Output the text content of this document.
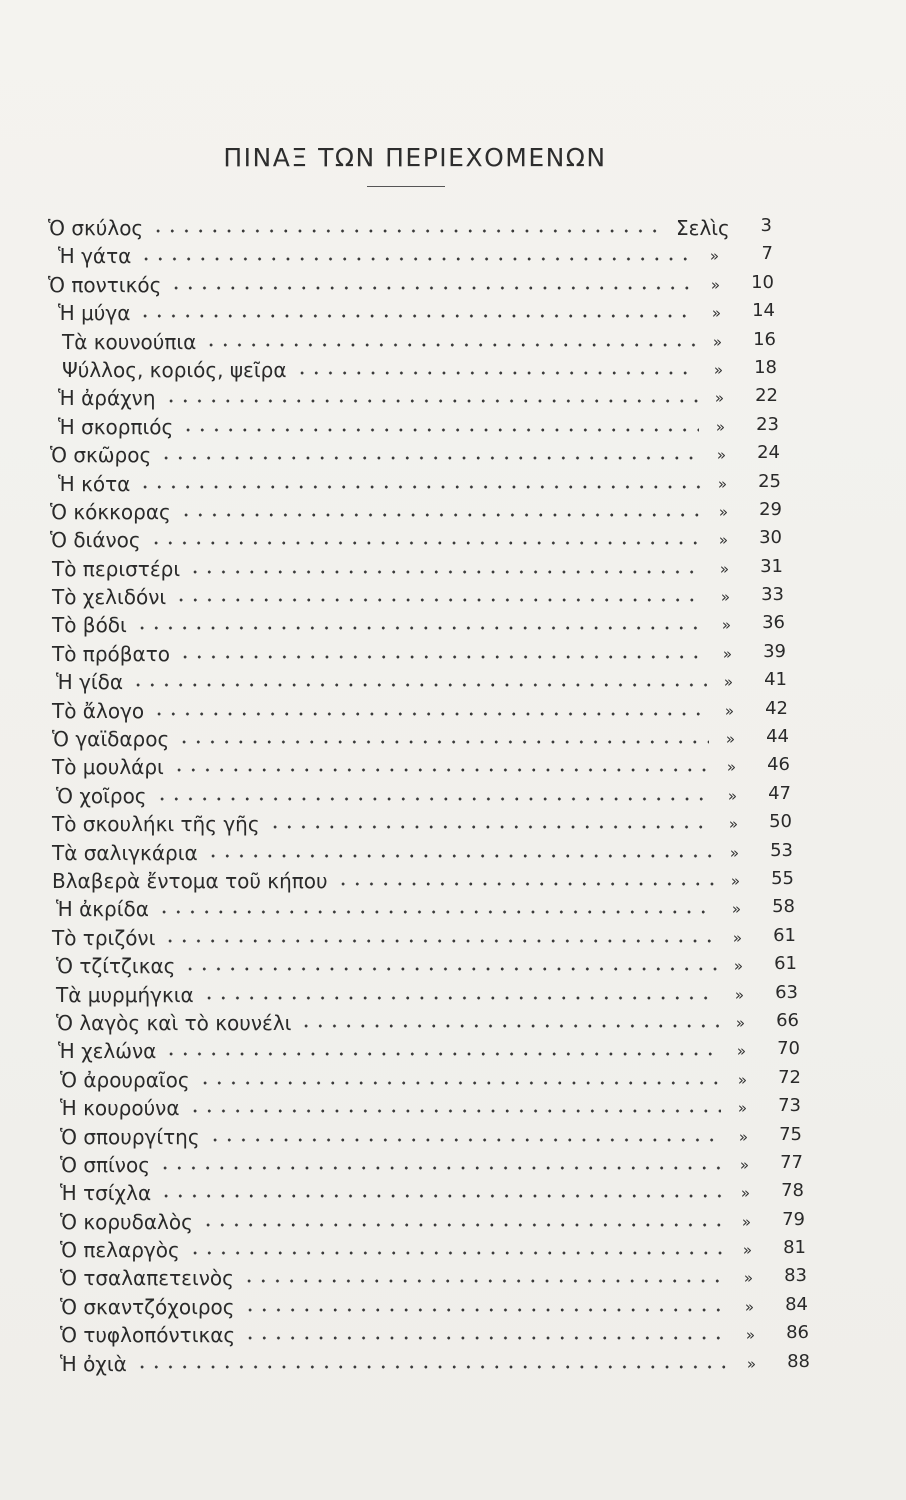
ΠΙΝΑΞ ΤΩΝ ΠΕΡΙΕΧΟΜΕΝΩΝ
Ὁ σκύλος	Σελὶς	3
Ἡ γάτα	»	7
Ὁ ποντικός	»	10
Ἡ μύγα	»	14
Τὰ κουνούπια	»	16
Ψύλλος, κοριός, ψεῖρα	»	18
Ἡ ἀράχνη	»	22
Ἡ σκορπιός	»	23
Ὁ σκῶρος	»	24
Ἡ κότα	»	25
Ὁ κόκκορας	»	29
Ὁ διάνος	»	30
Τὸ περιστέρι	»	31
Τὸ χελιδόνι	»	33
Τὸ βόδι	»	36
Τὸ πρόβατο	»	39
Ἡ γίδα	»	41
Τὸ ἄλογο	»	42
Ὁ γαϊδαρος	»	44
Τὸ μουλάρι	»	46
Ὁ χοῖρος	»	47
Τὸ σκουλήκι τῆς γῆς	»	50
Τὰ σαλιγκάρια	»	53
Βλαβερὰ ἔντομα τοῦ κήπου	»	55
Ἡ ἀκρίδα	»	58
Τὸ τριζόνι	»	61
Ὁ τζίτζικας	»	61
Τὰ μυρμήγκια	»	63
Ὁ λαγὸς καὶ τὸ κουνέλι	»	66
Ἡ χελώνα	»	70
Ὁ ἀρουραῖος	»	72
Ἡ κουρούνα	»	73
Ὁ σπουργίτης	»	75
Ὁ σπίνος	»	77
Ἡ τσίχλα	»	78
Ὁ κορυδαλὸς	»	79
Ὁ πελαργὸς	»	81
Ὁ τσαλαπετεινὸς	»	83
Ὁ σκαντζόχοιρος	»	84
Ὁ τυφλοπόντικας	»	86
Ἡ ὀχιὰ	»	88
